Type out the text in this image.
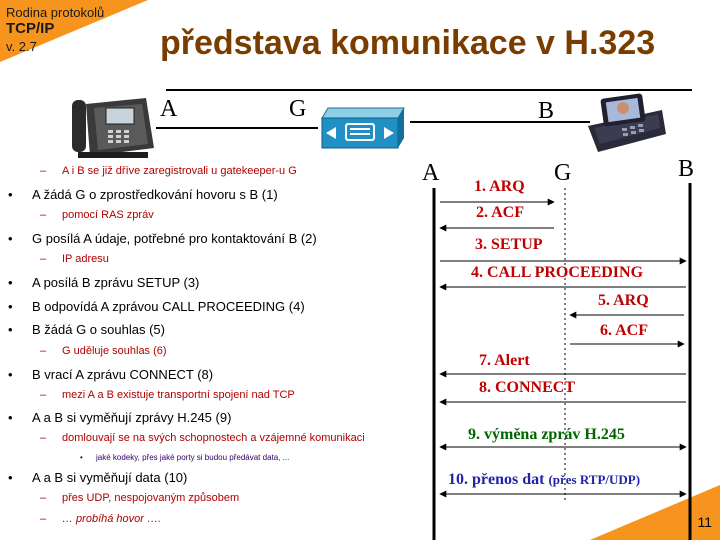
Rodina protokolů
TCP/IP
v. 2.7	představa komunikace v H.323
A	G	B
– A i B se již dříve zaregistrovali u gatekeeper-u G
• A žádá G o zprostředkování hovoru s B (1)
– pomocí RAS zpráv
• G posílá A údaje, potřebné pro kontaktování B (2)
– IP adresu
• A posílá B zprávu SETUP (3)
• B odpovídá A zprávou CALL PROCEEDING (4)
• B žádá G o souhlas (5)
– G uděluje souhlas (6)
• B vrací A zprávu CONNECT (8)
– mezi A a B existuje transportní spojení nad TCP
• A a B si vyměňují zprávy H.245 (9)
– domlouvají se na svých schopnostech a vzájemné komunikaci
• jaké kodeky, přes jaké porty si budou předávat data, ...
• A a B si vyměňují data (10)
– přes UDP, nespojovaným způsobem
– … probíhá hovor ….
A	G	B
1. ARQ
2. ACF
3. SETUP
4. CALL PROCEEDING
5. ARQ
6. ACF
7. Alert
8. CONNECT
9. výměna zpráv H.245
10. přenos dat (přes RTP/UDP)
11
